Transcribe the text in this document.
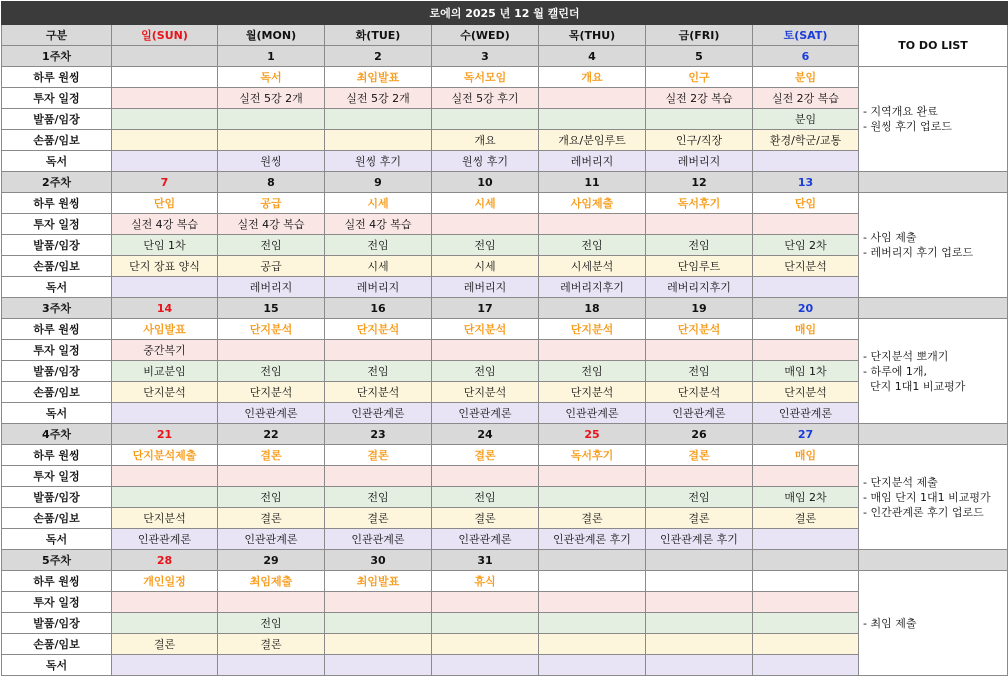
로에의 2025 년 12 월 캘린더								
구분	일(SUN)	월(MON)	화(TUE)	수(WED)	목(THU)	금(FRI)	토(SAT)	TO DO LIST
1주차		1	2	3	4	5	6	
하루 원씽		독서	최임발표	독서모임	개요	인구	분임	- 지역개요 완료
- 원씽 후기 업로드

투자 일정		실전 5강 2개	실전 5강 2개	실전 5강 후기		실전 2강 복습	실전 2강 복습	
발품/임장							분임	
손품/임보				개요	개요/분임루트	인구/직장	환경/학군/교통	
독서		원씽	원씽 후기	원씽 후기	레버리지	레버리지		
2주차	7	8	9	10	11	12	13	
하루 원씽	단임	공급	시세	시세	사임제출	독서후기	단임	- 사임 제출
- 레버리지 후기 업로드

투자 일정	실전 4강 복습	실전 4강 복습	실전 4강 복습					
발품/임장	단임 1차	전임	전임	전임	전임	전임	단임 2차	
손품/임보	단지 장표 양식	공급	시세	시세	시세분석	단임루트	단지분석	
독서		레버리지	레버리지	레버리지	레버리지후기	레버리지후기		
3주차	14	15	16	17	18	19	20	
하루 원씽	사임발표	단지분석	단지분석	단지분석	단지분석	단지분석	매임	- 단지분석 뽀개기
- 하루에 1개,
단지 1대1 비교평가

투자 일정	중간복기							
발품/임장	비교분임	전임	전임	전임	전임	전임	매임 1차	
손품/임보	단지분석	단지분석	단지분석	단지분석	단지분석	단지분석	단지분석	
독서		인관관계론	인관관계론	인관관계론	인관관계론	인관관계론	인관관계론	
4주차	21	22	23	24	25	26	27	
하루 원씽	단지분석제출	결론	결론	결론	독서후기	결론	매임	- 단지분석 제출
- 매임 단지 1대1 비교평가
- 인간관계론 후기 업로드

투자 일정								
발품/임장		전임	전임	전임		전임	매임 2차	
손품/임보	단지분석	결론	결론	결론	결론	결론	결론	
독서	인관관계론	인관관계론	인관관계론	인관관계론	인관관계론 후기	인관관계론 후기		
5주차	28	29	30	31				
하루 원씽	개인일정	최임제출	최임발표	휴식				- 최임 제출

투자 일정								
발품/임장		전임						
손품/임보	결론	결론						
독서								
